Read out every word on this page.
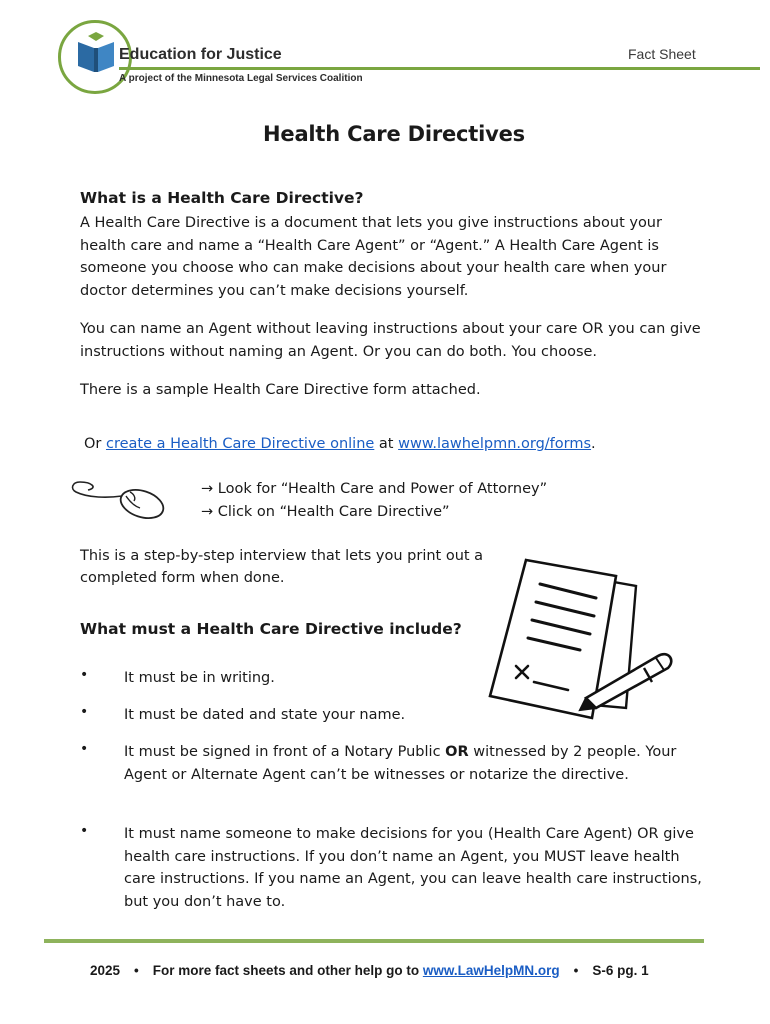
Education for Justice
A project of the Minnesota Legal Services Coalition
Fact Sheet
Health Care Directives
What is a Health Care Directive?
A Health Care Directive is a document that lets you give instructions about your health care and name a “Health Care Agent” or “Agent.” A Health Care Agent is someone you choose who can make decisions about your health care when your doctor determines you can’t make decisions yourself.
You can name an Agent without leaving instructions about your care OR you can give instructions without naming an Agent. Or you can do both. You choose.
There is a sample Health Care Directive form attached.
Or create a Health Care Directive online at www.lawhelpmn.org/forms.
→ Look for “Health Care and Power of Attorney”
→ Click on “Health Care Directive”
This is a step-by-step interview that lets you print out a
completed form when done.
What must a Health Care Directive include?
• It must be in writing.
• It must be dated and state your name.
• It must be signed in front of a Notary Public OR witnessed by 2 people. Your Agent or Alternate Agent can’t be witnesses or notarize the directive.
• It must name someone to make decisions for you (Health Care Agent) OR give health care instructions. If you don’t name an Agent, you MUST leave health care instructions. If you name an Agent, you can leave health care instructions, but you don’t have to.
2025 • For more fact sheets and other help go to www.LawHelpMN.org • S-6 pg. 1
